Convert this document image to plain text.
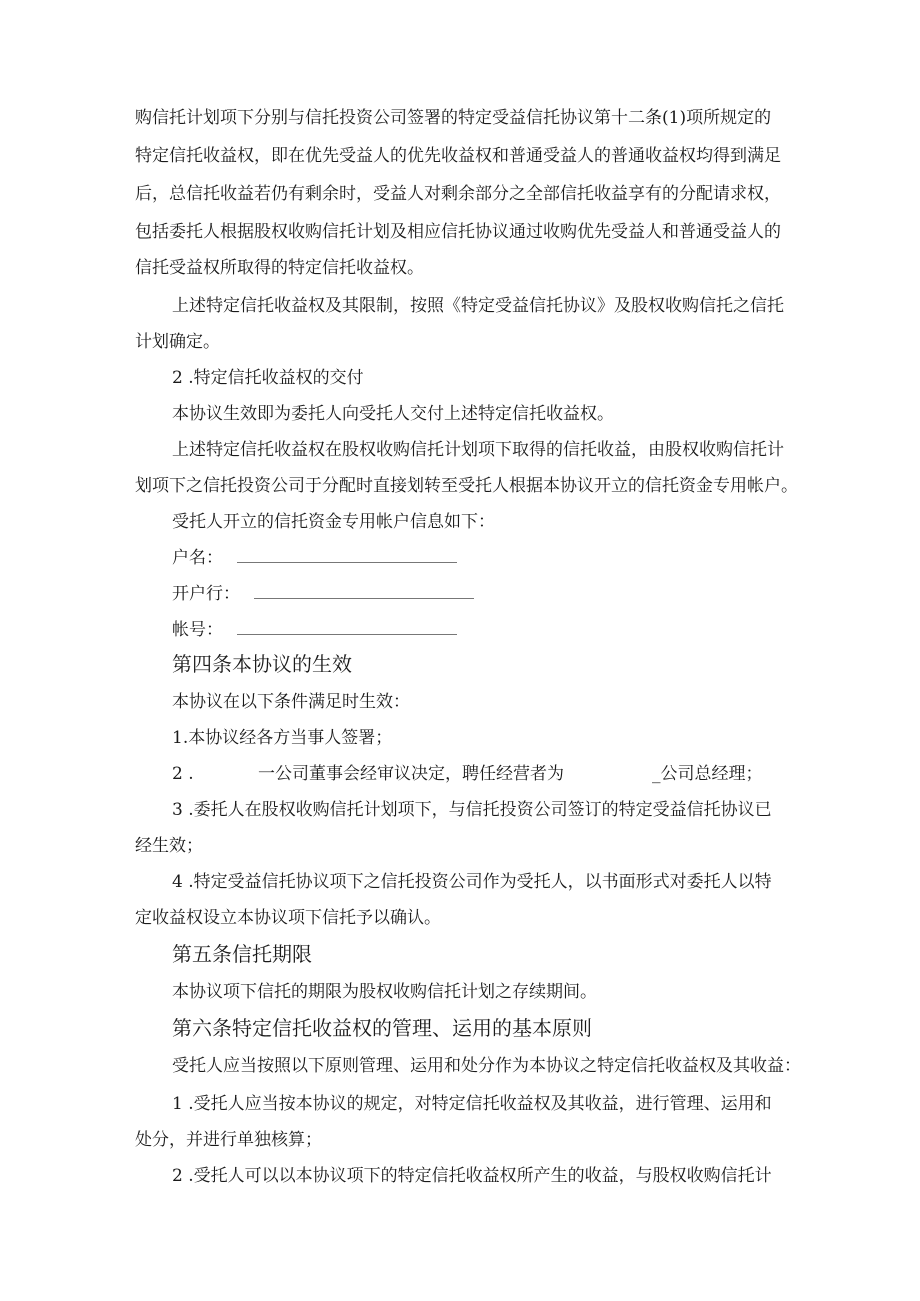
购信托计划项下分别与信托投资公司签署的特定受益信托协议第十二条(1)项所规定的
特定信托收益权，即在优先受益人的优先收益权和普通受益人的普通收益权均得到满足
后，总信托收益若仍有剩余时，受益人对剩余部分之全部信托收益享有的分配请求权，
包括委托人根据股权收购信托计划及相应信托协议通过收购优先受益人和普通受益人的
信托受益权所取得的特定信托收益权。
上述特定信托收益权及其限制，按照《特定受益信托协议》及股权收购信托之信托
计划确定。
2 .特定信托收益权的交付
本协议生效即为委托人向受托人交付上述特定信托收益权。
上述特定信托收益权在股权收购信托计划项下取得的信托收益，由股权收购信托计
划项下之信托投资公司于分配时直接划转至受托人根据本协议开立的信托资金专用帐户。
受托人开立的信托资金专用帐户信息如下：
户名：
开户行：
帐号：
第四条本协议的生效
本协议在以下条件满足时生效：
1.本协议经各方当事人签署；
2 .	一公司董事会经审议决定，聘任经营者为	_公司总经理；
3 .委托人在股权收购信托计划项下，与信托投资公司签订的特定受益信托协议已
经生效；
4 .特定受益信托协议项下之信托投资公司作为受托人，以书面形式对委托人以特
定收益权设立本协议项下信托予以确认。
第五条信托期限
本协议项下信托的期限为股权收购信托计划之存续期间。
第六条特定信托收益权的管理、运用的基本原则
受托人应当按照以下原则管理、运用和处分作为本协议之特定信托收益权及其收益：
1 .受托人应当按本协议的规定，对特定信托收益权及其收益，进行管理、运用和
处分，并进行单独核算；
2 .受托人可以以本协议项下的特定信托收益权所产生的收益，与股权收购信托计
